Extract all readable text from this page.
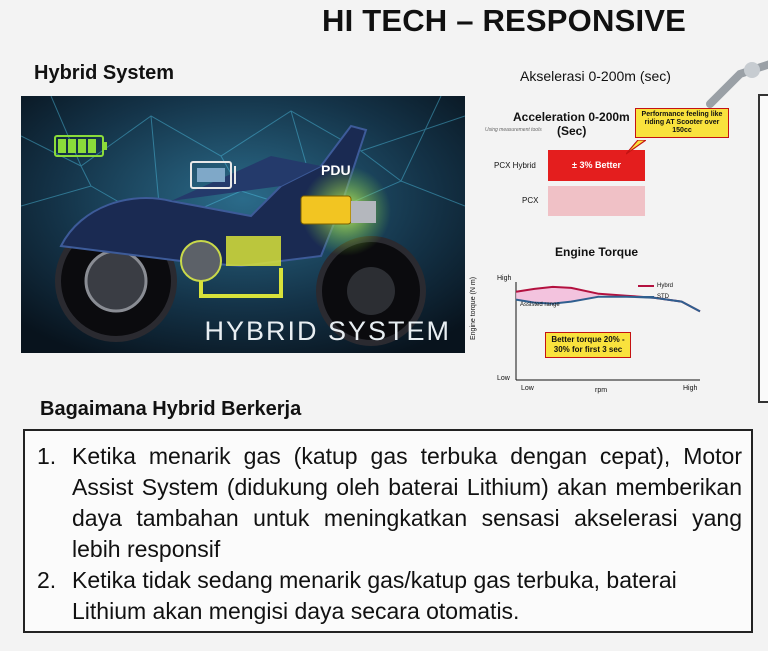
HI TECH – RESPONSIVE
Hybrid System
PDU
HYBRID SYSTEM
Akselerasi 0-200m (sec)
Acceleration 0-200m
Using measurement tools (Sec)
PCX Hybrid
PCX
± 3% Better
Performance feeling like riding AT Scooter over 150cc
Engine Torque
High
Low
Low	High
rpm
Engine torque (N m)	Hybrd
STD
Assisted range
Better torque 20% - 30% for first 3 sec
Bagaimana Hybrid Berkerja
1. Ketika menarik gas (katup gas terbuka dengan cepat), Motor Assist System (didukung oleh baterai Lithium) akan memberikan daya tambahan untuk meningkatkan sensasi akselerasi yang lebih responsif
2. Ketika tidak sedang menarik gas/katup gas terbuka, baterai Lithium akan mengisi daya secara otomatis.
